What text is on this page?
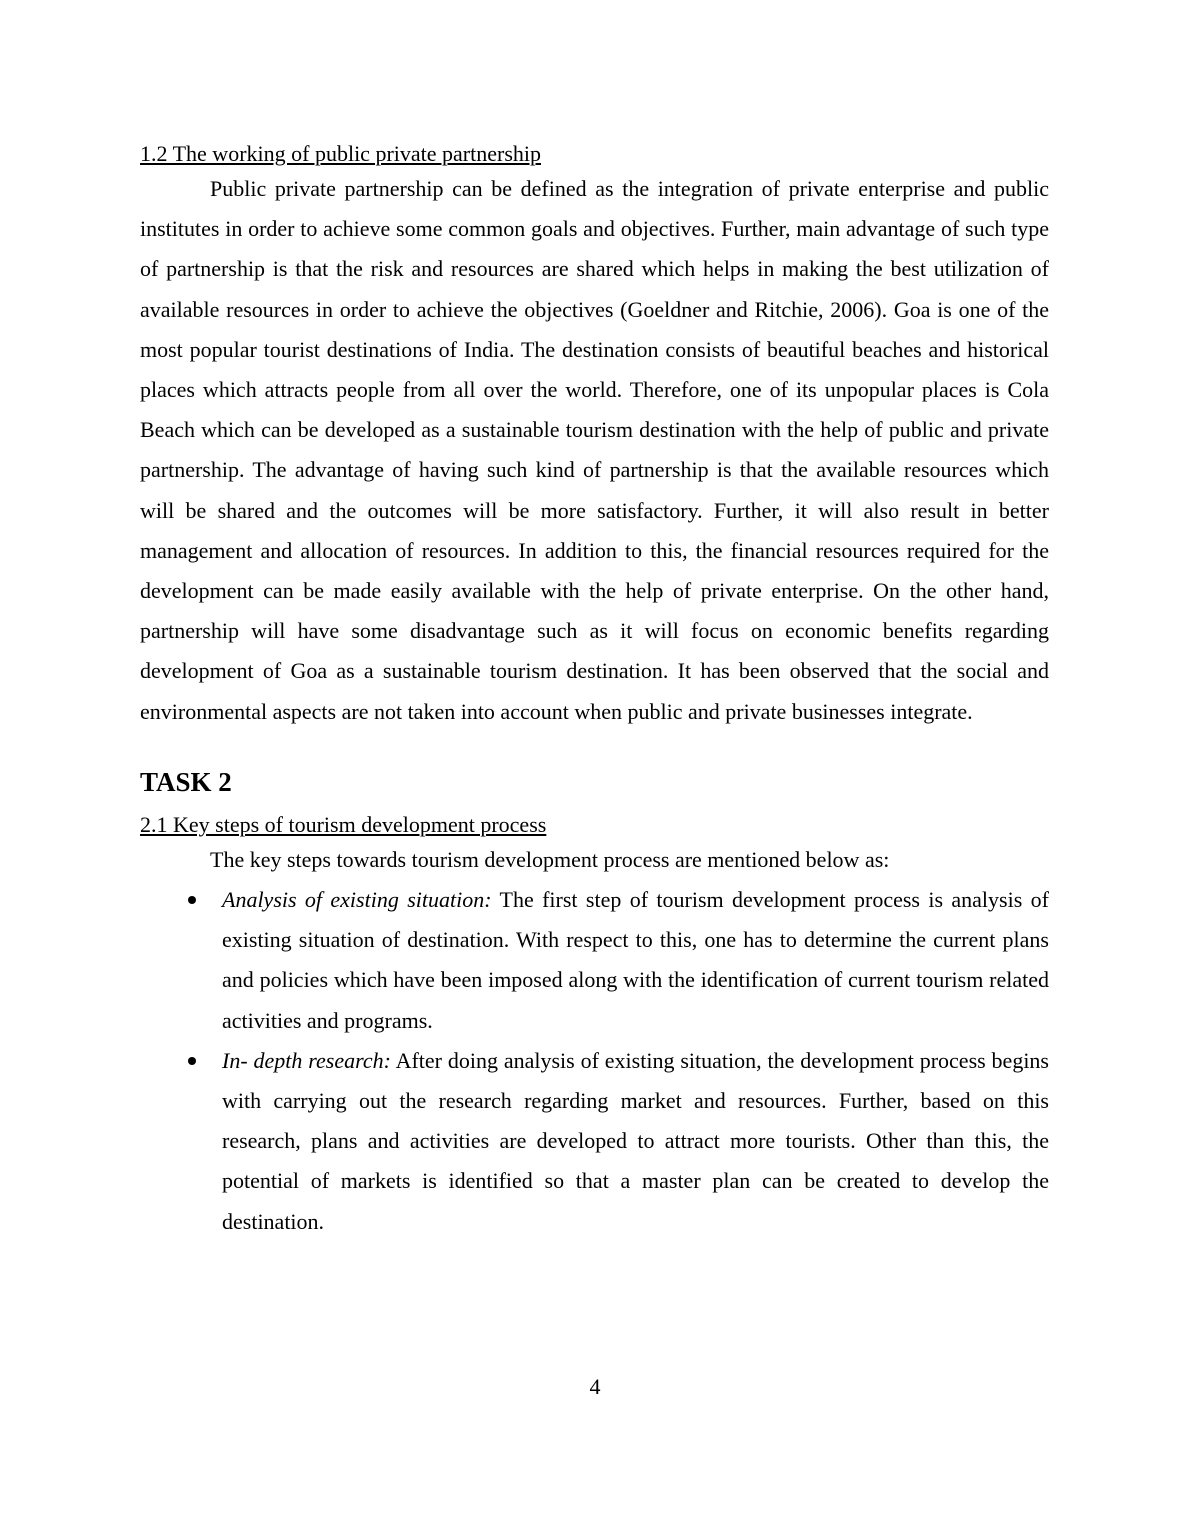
1.2 The working of public private partnership

Public private partnership can be defined as the integration of private enterprise and public institutes in order to achieve some common goals and objectives. Further, main advantage of such type of partnership is that the risk and resources are shared which helps in making the best utilization of available resources in order to achieve the objectives (Goeldner and Ritchie, 2006). Goa is one of the most popular tourist destinations of India. The destination consists of beautiful beaches and historical places which attracts people from all over the world. Therefore, one of its unpopular places is Cola Beach which can be developed as a sustainable tourism destination with the help of public and private partnership. The advantage of having such kind of partnership is that the available resources which will be shared and the outcomes will be more satisfactory. Further, it will also result in better management and allocation of resources. In addition to this, the financial resources required for the development can be made easily available with the help of private enterprise. On the other hand, partnership will have some disadvantage such as it will focus on economic benefits regarding development of Goa as a sustainable tourism destination. It has been observed that the social and environmental aspects are not taken into account when public and private businesses integrate.

TASK 2
2.1 Key steps of tourism development process

The key steps towards tourism development process are mentioned below as:

Analysis of existing situation: The first step of tourism development process is analysis of existing situation of destination. With respect to this, one has to determine the current plans and policies which have been imposed along with the identification of current tourism related activities and programs.
In- depth research: After doing analysis of existing situation, the development process begins with carrying out the research regarding market and resources. Further, based on this research, plans and activities are developed to attract more tourists. Other than this, the potential of markets is identified so that a master plan can be created to develop the destination.
4
